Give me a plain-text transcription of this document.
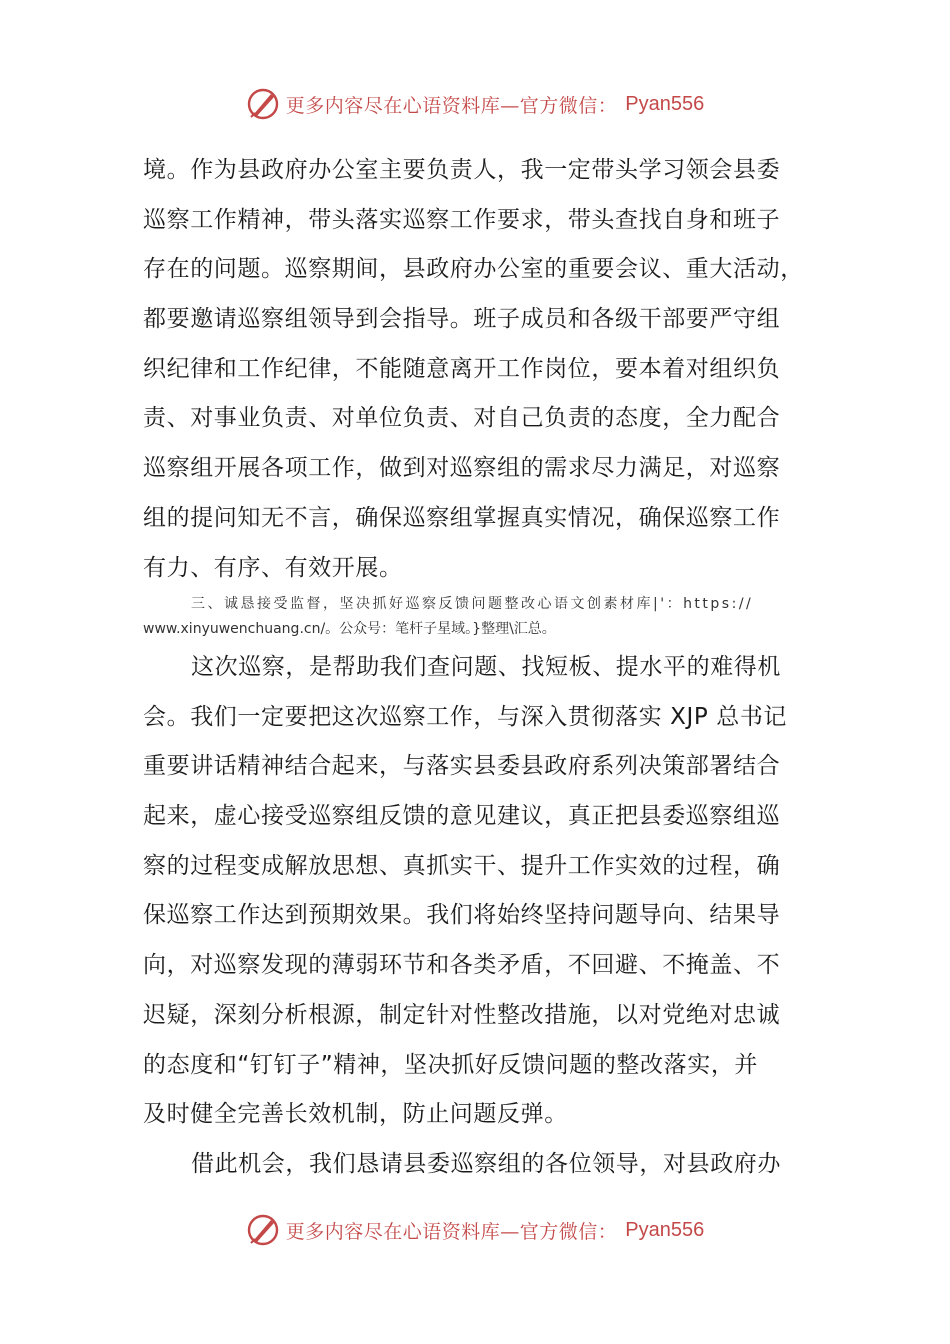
更多内容尽在心语资料库—官方微信： Pyan556
境。作为县政府办公室主要负责人，我一定带头学习领会县委
巡察工作精神，带头落实巡察工作要求，带头查找自身和班子
存在的问题。巡察期间，县政府办公室的重要会议、重大活动，
都要邀请巡察组领导到会指导。班子成员和各级干部要严守组
织纪律和工作纪律，不能随意离开工作岗位，要本着对组织负
责、对事业负责、对单位负责、对自己负责的态度，全力配合
巡察组开展各项工作，做到对巡察组的需求尽力满足，对巡察
组的提问知无不言，确保巡察组掌握真实情况，确保巡察工作
有力、有序、有效开展。
三、诚恳接受监督，坚决抓好巡察反馈问题整改心语文创素材库|'：https://
www.xinyuwenchuang.cn/。公众号：笔杆子星域。}整理\汇总。
这次巡察，是帮助我们查问题、找短板、提水平的难得机
会。我们一定要把这次巡察工作，与深入贯彻落实 XJP 总书记
重要讲话精神结合起来，与落实县委县政府系列决策部署结合
起来，虚心接受巡察组反馈的意见建议，真正把县委巡察组巡
察的过程变成解放思想、真抓实干、提升工作实效的过程，确
保巡察工作达到预期效果。我们将始终坚持问题导向、结果导
向，对巡察发现的薄弱环节和各类矛盾，不回避、不掩盖、不
迟疑，深刻分析根源，制定针对性整改措施，以对党绝对忠诚
的态度和“钉钉子”精神，坚决抓好反馈问题的整改落实，并
及时健全完善长效机制，防止问题反弹。
借此机会，我们恳请县委巡察组的各位领导，对县政府办
更多内容尽在心语资料库—官方微信： Pyan556
